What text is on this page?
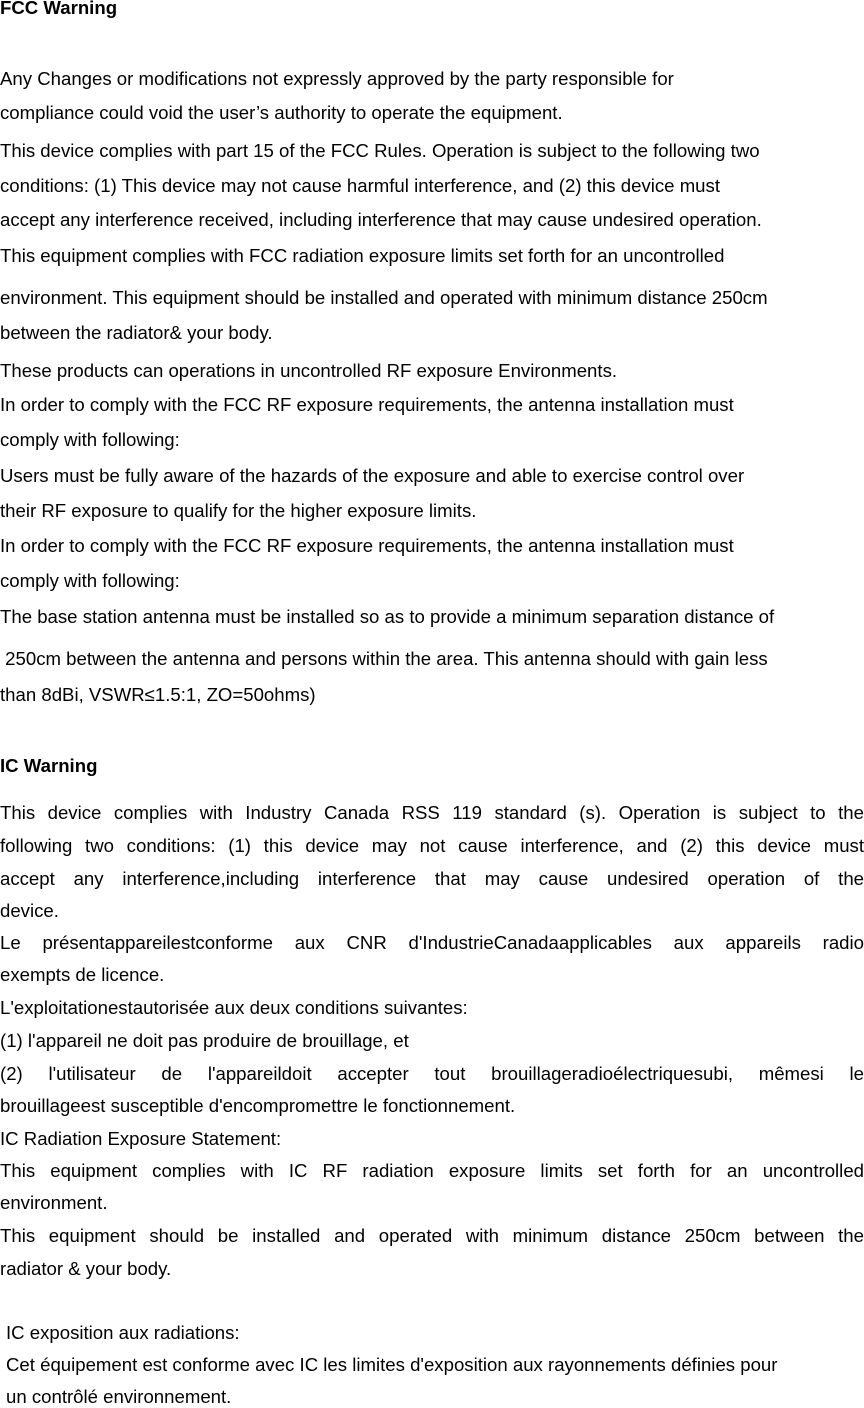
FCC Warning
Any Changes or modifications not expressly approved by the party responsible for
compliance could void the user’s authority to operate the equipment.
This device complies with part 15 of the FCC Rules. Operation is subject to the following two
conditions: (1) This device may not cause harmful interference, and (2) this device must
accept any interference received, including interference that may cause undesired operation.
This equipment complies with FCC radiation exposure limits set forth for an uncontrolled
environment. This equipment should be installed and operated with minimum distance 250cm
between the radiator& your body.
These products can operations in uncontrolled RF exposure Environments.
In order to comply with the FCC RF exposure requirements, the antenna installation must
comply with following:
Users must be fully aware of the hazards of the exposure and able to exercise control over
their RF exposure to qualify for the higher exposure limits.
In order to comply with the FCC RF exposure requirements, the antenna installation must
comply with following:
The base station antenna must be installed so as to provide a minimum separation distance of
250cm between the antenna and persons within the area. This antenna should with gain less
than 8dBi, VSWR≤1.5:1, ZO=50ohms)
IC Warning
This device complies with Industry Canada RSS 119 standard (s). Operation is subject to the
following two conditions: (1) this device may not cause interference, and (2) this device must
accept any interference,including interference that may cause undesired operation of the
device.
Le présentappareilestconforme aux CNR d'IndustrieCanadaapplicables aux appareils radio
exempts de licence.
L'exploitationestautorisée aux deux conditions suivantes:
(1) l'appareil ne doit pas produire de brouillage, et
(2) l'utilisateur de l'appareildoit accepter tout brouillageradioélectriquesubi, mêmesi le
brouillageest susceptible d'encompromettre le fonctionnement.
IC Radiation Exposure Statement:
This equipment complies with IC RF radiation exposure limits set forth for an uncontrolled
environment.
This equipment should be installed and operated with minimum distance 250cm between the
radiator & your body.
IC exposition aux radiations:
Cet équipement est conforme avec IC les limites d'exposition aux rayonnements définies pour
un contrôlé environnement.
